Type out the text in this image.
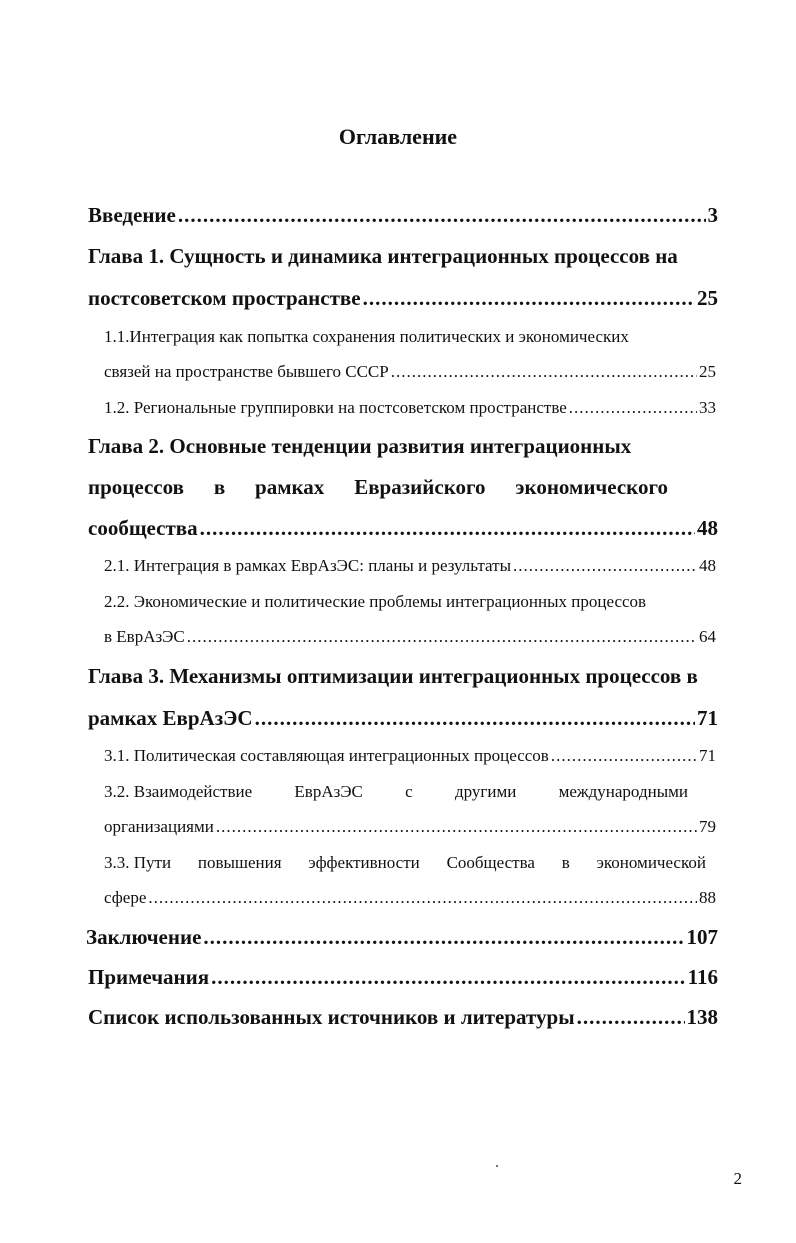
Оглавление
Введение .....	3
Глава 1. Сущность и динамика интеграционных процессов на
постсоветском пространстве .....	25
1.1.Интеграция как попытка сохранения политических и экономических
связей на пространстве бывшего СССР .....	25
1.2. Региональные группировки на постсоветском пространстве .....	33
Глава 2. Основные тенденции развития интеграционных
процессов в рамках Евразийского экономического
сообщества .....	48
2.1. Интеграция в рамках ЕврАзЭС: планы и результаты .....	48
2.2. Экономические и политические проблемы интеграционных процессов
в ЕврАзЭС .....	64
Глава 3. Механизмы оптимизации интеграционных процессов в
рамках ЕврАзЭС .....	71
3.1. Политическая составляющая интеграционных процессов .....	71
3.2. Взаимодействие ЕврАзЭС с другими международными
организациями .....	79
3.3. Пути повышения эффективности Сообщества в экономической
сфере .....	88
Заключение .....	107
Примечания .....	116
Список использованных источников и литературы .....	138
2
